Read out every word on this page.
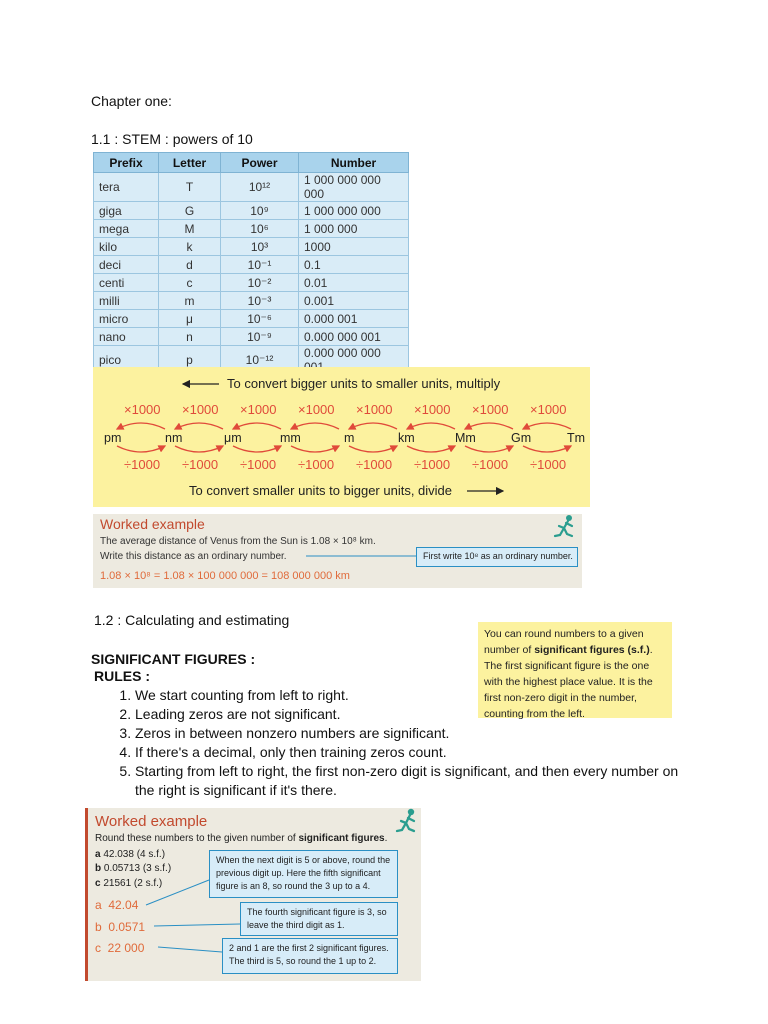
Chapter one:
1.1 : STEM : powers of 10
Prefix	Letter	Power	Number
tera	T	10¹²	1 000 000 000 000
giga	G	10⁹	1 000 000 000
mega	M	10⁶	1 000 000
kilo	k	10³	1000
deci	d	10⁻¹	0.1
centi	c	10⁻²	0.01
milli	m	10⁻³	0.001
micro	μ	10⁻⁶	0.000 001
nano	n	10⁻⁹	0.000 000 001
pico	p	10⁻¹²	0.000 000 000
To convert bigger units to smaller units, multiply
To convert smaller units to bigger units, divide
×1000 ×1000 ×1000 ×1000 ×1000 ×1000 ×1000 ×1000
pm	nm	μm	mm	m	km	Mm	Gm	Tm
÷1000 ÷1000 ÷1000 ÷1000 ÷1000 ÷1000 ÷1000 ÷1000
Worked example
The average distance of Venus from the Sun is 1.08 × 10⁸ km.
Write this distance as an ordinary number.	First write 10⁸ as an ordinary number.
1.08 × 10⁸ = 1.08 × 100 000 000 = 108 000 000 km
1.2 : Calculating and estimating
You can round numbers to a given number of significant figures (s.f.). The first significant figure is the one with the highest place value. It is the first non-zero digit in the number, counting from the left.
SIGNIFICANT FIGURES :
RULES :
1. We start counting from left to right.
2. Leading zeros are not significant.
3. Zeros in between nonzero numbers are significant.
4. If there's a decimal, only then training zeros count.
5. Starting from left to right, the first non-zero digit is significant, and then every number on the right is significant if it's there.
Worked example
Round these numbers to the given number of significant figures.
a 42.038 (4 s.f.)
b 0.05713 (3 s.f.)
c 21561 (2 s.f.)
a 42.04
b 0.0571
c 22 000
When the next digit is 5 or above, round the previous digit up. Here the fifth significant figure is an 8, so round the 3 up to a 4.
The fourth significant figure is 3, so leave the third digit as 1.
2 and 1 are the first 2 significant figures. The third is 5, so round the 1 up to 2.
